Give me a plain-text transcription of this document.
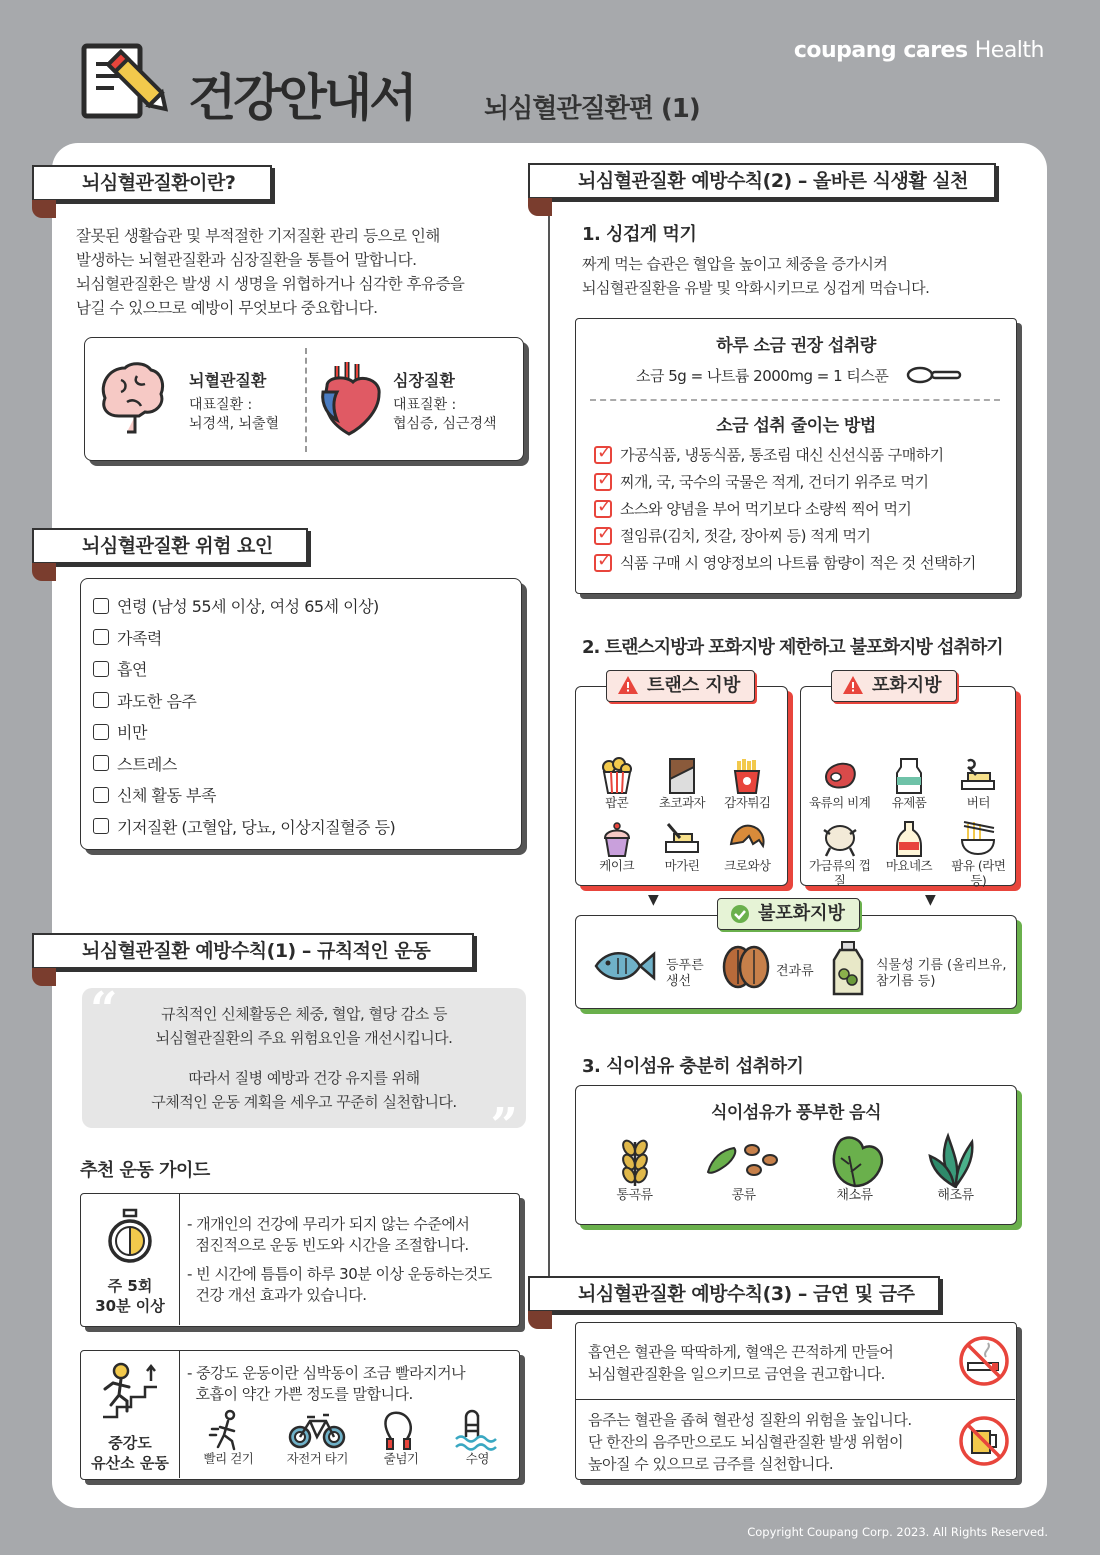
건강안내서	뇌심혈관질환편 (1)
coupang cares Health
뇌심혈관질환이란?
잘못된 생활습관 및 부적절한 기저질환 관리 등으로 인해
발생하는 뇌혈관질환과 심장질환을 통틀어 말합니다.
뇌심혈관질환은 발생 시 생명을 위협하거나 심각한 후유증을
남길 수 있으므로 예방이 무엇보다 중요합니다.
뇌혈관질환
대표질환 :
뇌경색, 뇌출혈
심장질환
대표질환 :
협심증, 심근경색
뇌심혈관질환 위험 요인
연령 (남성 55세 이상, 여성 65세 이상)
가족력
흡연
과도한 음주
비만
스트레스
신체 활동 부족
기저질환 (고혈압, 당뇨, 이상지질혈증 등)
뇌심혈관질환 예방수칙(1) – 규칙적인 운동
“
”
규칙적인 신체활동은 체중, 혈압, 혈당 감소 등
뇌심혈관질환의 주요 위험요인을 개선시킵니다.
따라서 질병 예방과 건강 유지를 위해
구체적인 운동 계획을 세우고 꾸준히 실천합니다.
추천 운동 가이드
주 5회
30분 이상
- 개개인의 건강에 무리가 되지 않는 수준에서
점진적으로 운동 빈도와 시간을 조절합니다.
- 빈 시간에 틈틈이 하루 30분 이상 운동하는것도
건강 개선 효과가 있습니다.
중강도
유산소 운동
- 중강도 운동이란 심박동이 조금 빨라지거나
호흡이 약간 가쁜 정도를 말합니다.
빨리 걷기	자전거 타기	줄넘기	수영
뇌심혈관질환 예방수칙(2) – 올바른 식생활 실천
1. 싱겁게 먹기
짜게 먹는 습관은 혈압을 높이고 체중을 증가시켜
뇌심혈관질환을 유발 및 악화시키므로 싱겁게 먹습니다.
하루 소금 권장 섭취량
소금 5g = 나트륨 2000mg = 1 티스푼
소금 섭취 줄이는 방법
✓
가공식품, 냉동식품, 통조림 대신 신선식품 구매하기
✓
찌개, 국, 국수의 국물은 적게, 건더기 위주로 먹기
✓
소스와 양념을 부어 먹기보다 소량씩 찍어 먹기
✓
절임류(김치, 젓갈, 장아찌 등) 적게 먹기
✓
식품 구매 시 영양정보의 나트륨 함량이 적은 것 선택하기
2. 트랜스지방과 포화지방 제한하고 불포화지방 섭취하기
팝콘 초코과자 감자튀김
케이크 마가린 크로와상
트랜스 지방
육류의 비계 유제품	버터
가금류의 껍질
마요네즈	팜유 (라면 등)
포화지방
▼	▼
등푸른 생선
견과류	식물성 기름 (올리브유, 참기름 등)
불포화지방
3. 식이섬유 충분히 섭취하기
식이섬유가 풍부한 음식
통곡류	콩류	채소류	해조류
뇌심혈관질환 예방수칙(3) – 금연 및 금주
흡연은 혈관을 딱딱하게, 혈액은 끈적하게 만들어
뇌심혈관질환을 일으키므로 금연을 권고합니다.
음주는 혈관을 좁혀 혈관성 질환의 위험을 높입니다.
단 한잔의 음주만으로도 뇌심혈관질환 발생 위험이
높아질 수 있으므로 금주를 실천합니다.
Copyright Coupang Corp. 2023. All Rights Reserved.
